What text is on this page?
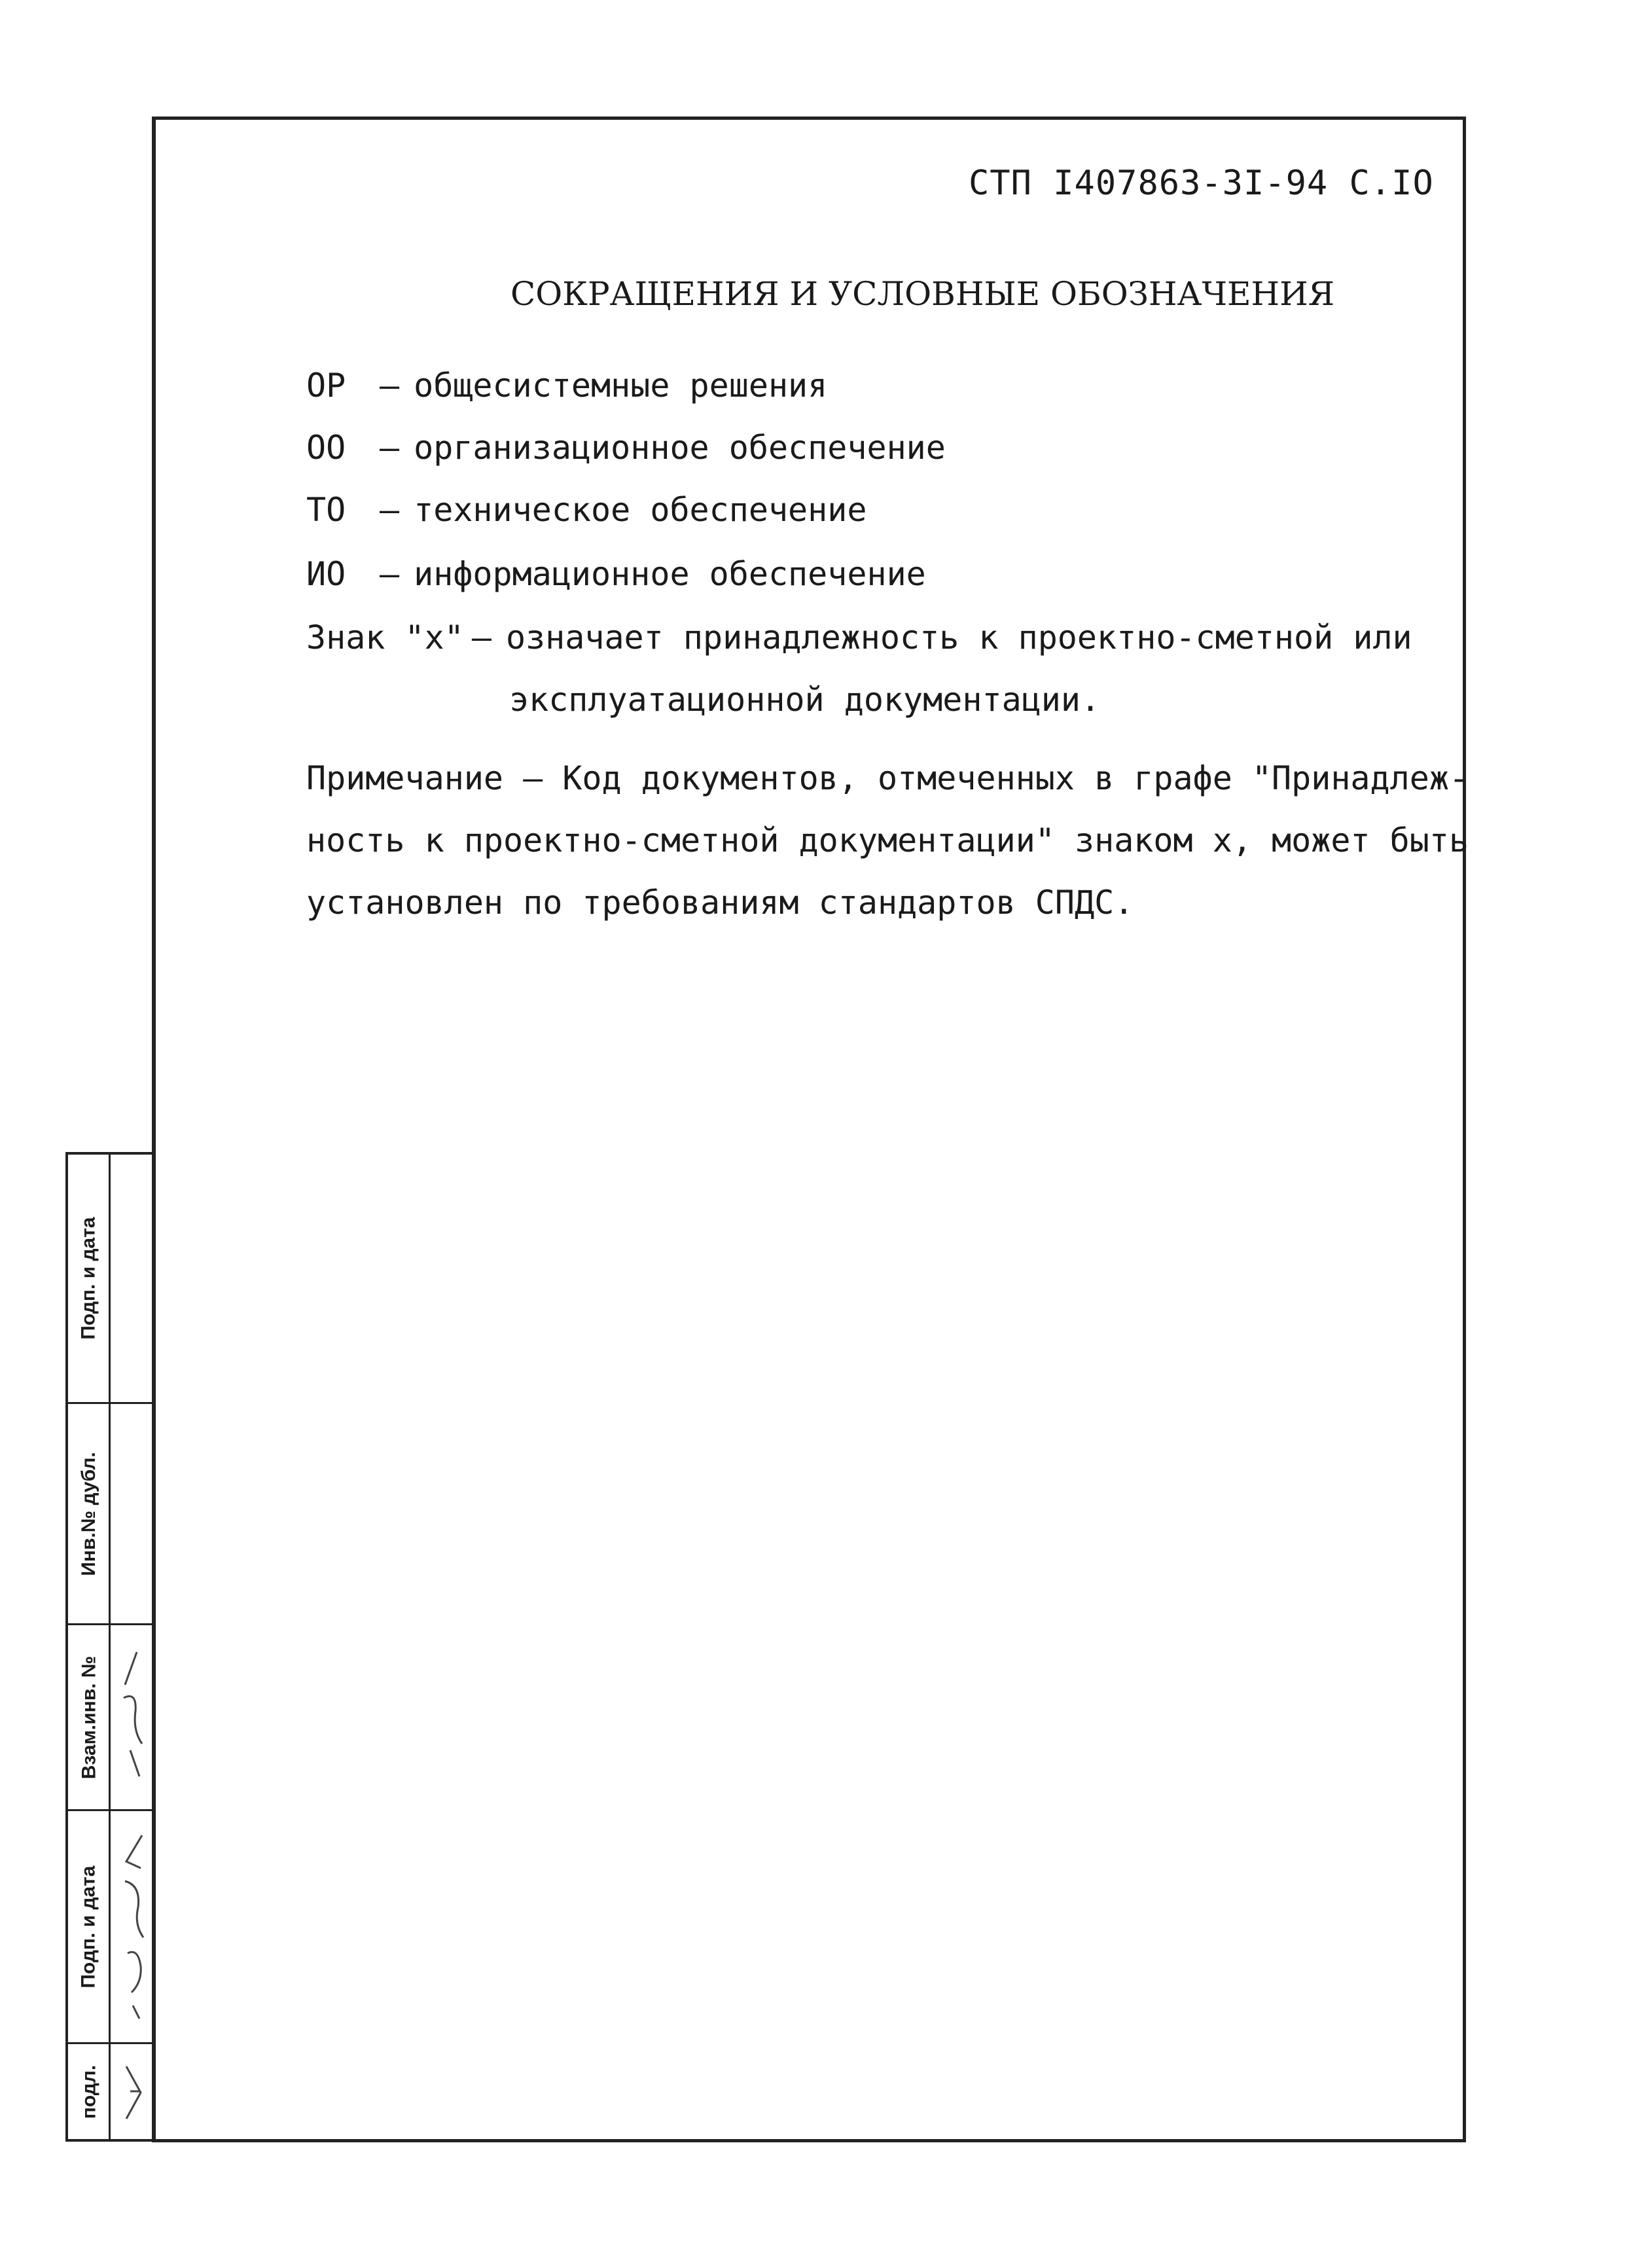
СТП I407863-3I-94 С.IO
СОКРАЩЕНИЯ И УСЛОВНЫЕ ОБОЗНАЧЕНИЯ
ОР – общесистемные решения
ОО – организационное обеспечение
ТО – техническое обеспечение
ИО – информационное обеспечение
Знак "х" – означает принадлежность к проектно-сметной или
эксплуатационной документации.
Примечание – Код документов, отмеченных в графе "Принадлеж-
ность к проектно-сметной документации" знаком х, может быть
установлен по требованиям стандартов СПДС.
Подп. и дата
Инв.№ дубл.
Взам.инв. №
Подп. и дата
подл.
